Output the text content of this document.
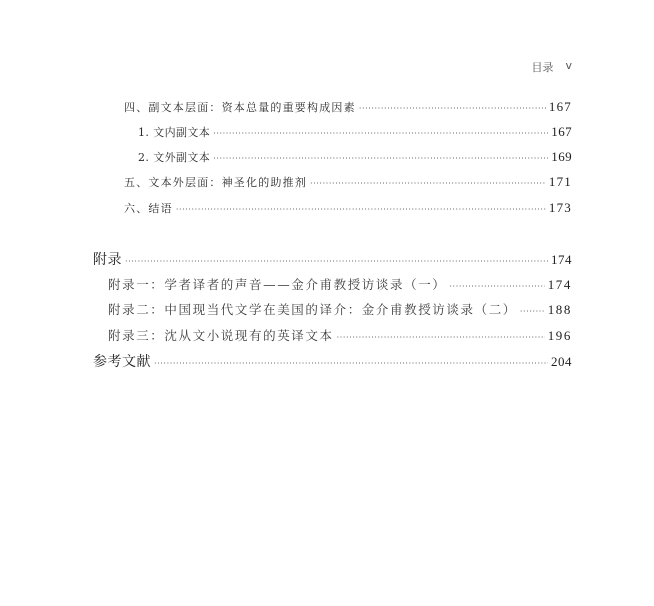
目录 v
四、副文本层面：资本总量的重要构成因素 ·····	167
1. 文内副文本 ·····	167
2. 文外副文本 ·····	169
五、文本外层面：神圣化的助推剂 ·····	171
六、结语 ·····	173
附录 ·····	174
附录一：学者译者的声音——金介甫教授访谈录（一） ·····	174
附录二：中国现当代文学在美国的译介：金介甫教授访谈录（二） ····· 188
附录三：沈从文小说现有的英译文本 ·····	196
参考文献 ·····	204
